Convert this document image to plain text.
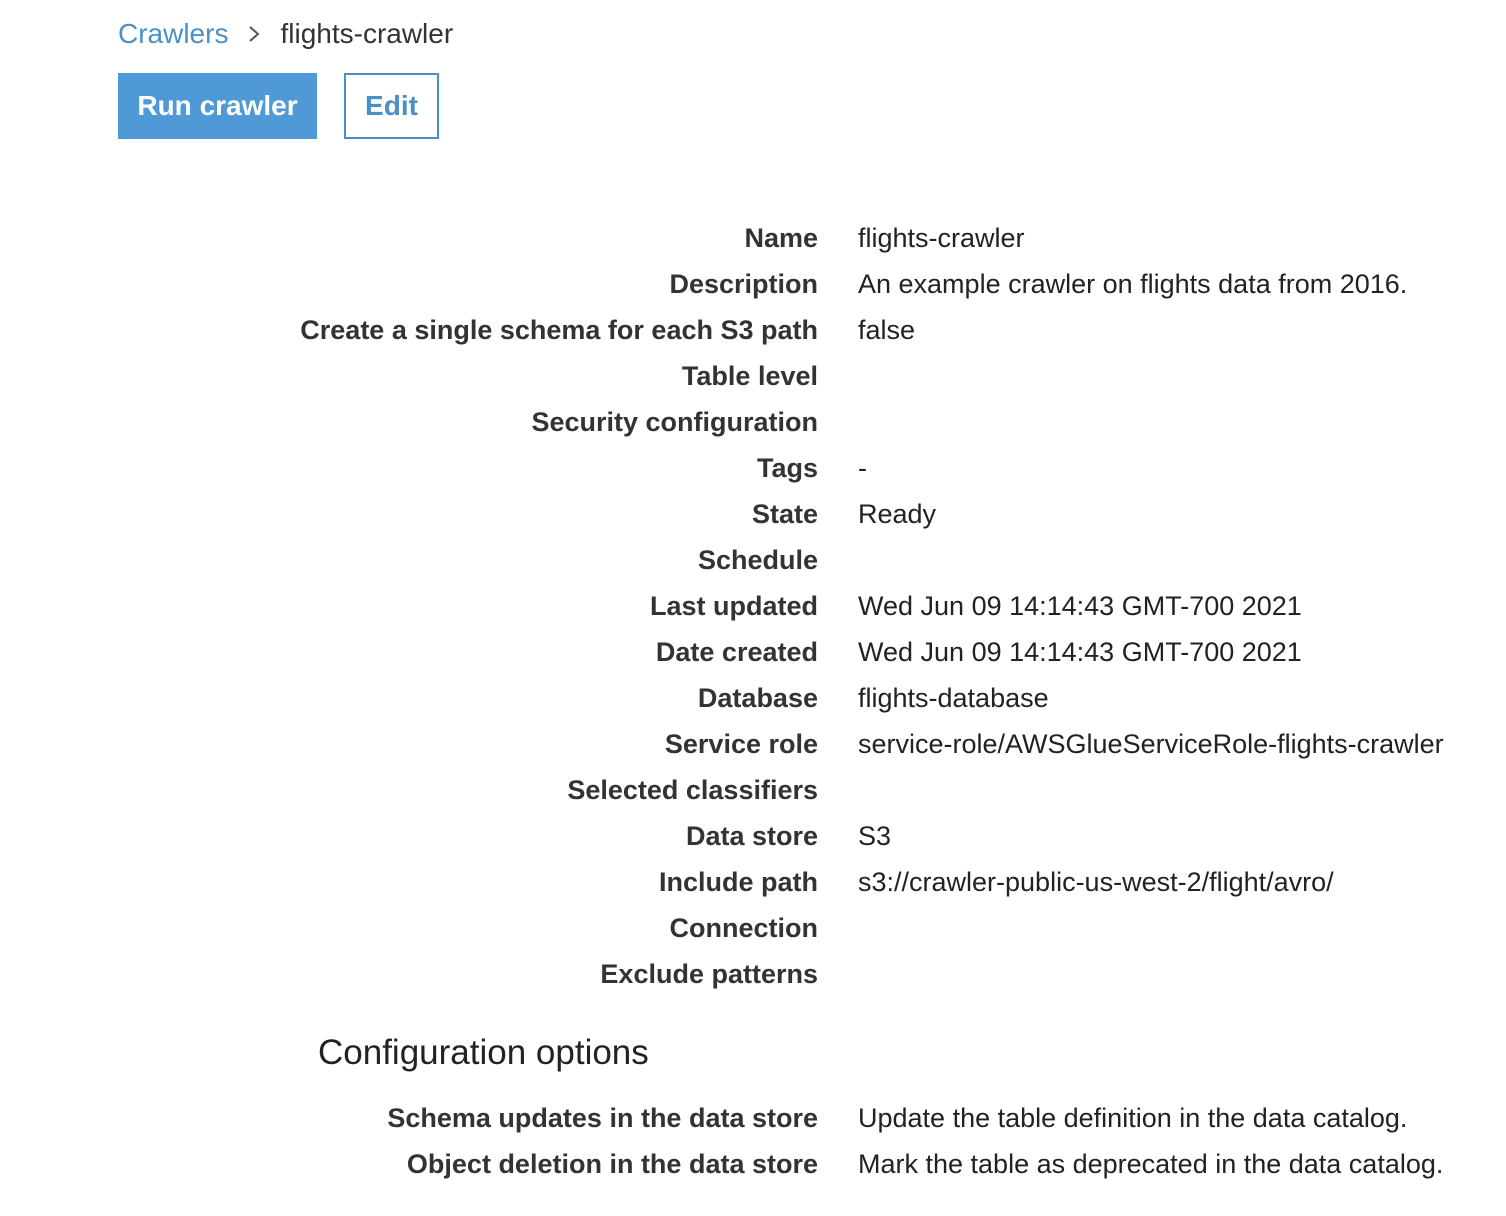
Crawlers flights-crawler
Run crawler	Edit
Name flights-crawler
Description An example crawler on flights data from 2016.
Create a single schema for each S3 path false
Table level
Security configuration
Tags -
State Ready
Schedule
Last updated Wed Jun 09 14:14:43 GMT-700 2021
Date created Wed Jun 09 14:14:43 GMT-700 2021
Database flights-database
Service role service-role/AWSGlueServiceRole-flights-crawler
Selected classifiers
Data store S3
Include path s3://crawler-public-us-west-2/flight/avro/
Connection
Exclude patterns
Configuration options
Schema updates in the data store Update the table definition in the data catalog.
Object deletion in the data store Mark the table as deprecated in the data catalog.
